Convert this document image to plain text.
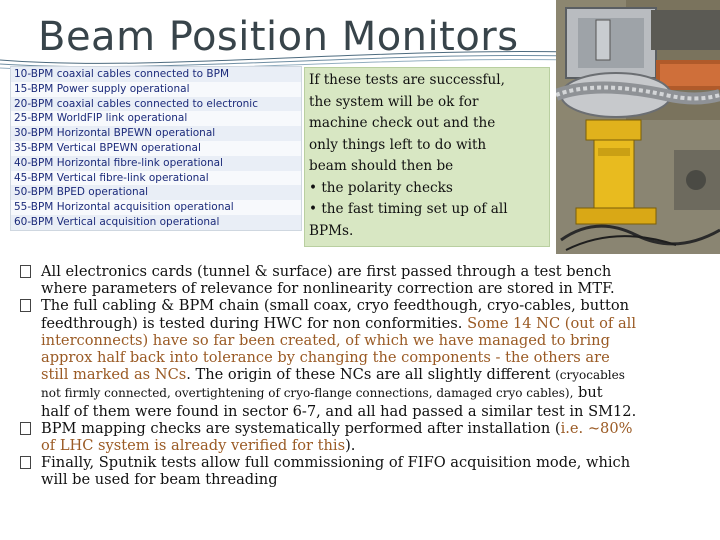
Beam Position Monitors
10-BPM coaxial cables connected to BPM
15-BPM Power supply operational
20-BPM coaxial cables connected to electronic
25-BPM WorldFIP link operational
30-BPM Horizontal BPEWN operational
35-BPM Vertical BPEWN operational
40-BPM Horizontal fibre-link operational
45-BPM Vertical fibre-link operational
50-BPM BPED operational
55-BPM Horizontal acquisition operational
60-BPM Vertical acquisition operational
If these tests are successful,
the system will be ok for
machine check out and the
only things left to do with
beam should then be
• the polarity checks
• the fast timing set up of all
BPMs.
All electronics cards (tunnel & surface) are first passed through a test bench
where parameters of relevance for nonlinearity correction are stored in MTF.
The full cabling & BPM chain (small coax, cryo feedthough, cryo-cables, button
feedthrough) is tested during HWC for non conformities. Some 14 NC (out of all
interconnects) have so far been created, of which we have managed to bring
approx half back into tolerance by changing the components - the others are
still marked as NCs. The origin of these NCs are all slightly different (cryocables
not firmly connected, overtightening of cryo-flange connections, damaged cryo cables), but
half of them were found in sector 6-7, and all had passed a similar test in SM12.
BPM mapping checks are systematically performed after installation (i.e. ~80%
of LHC system is already verified for this).
Finally, Sputnik tests allow full commissioning of FIFO acquisition mode, which
will be used for beam threading
